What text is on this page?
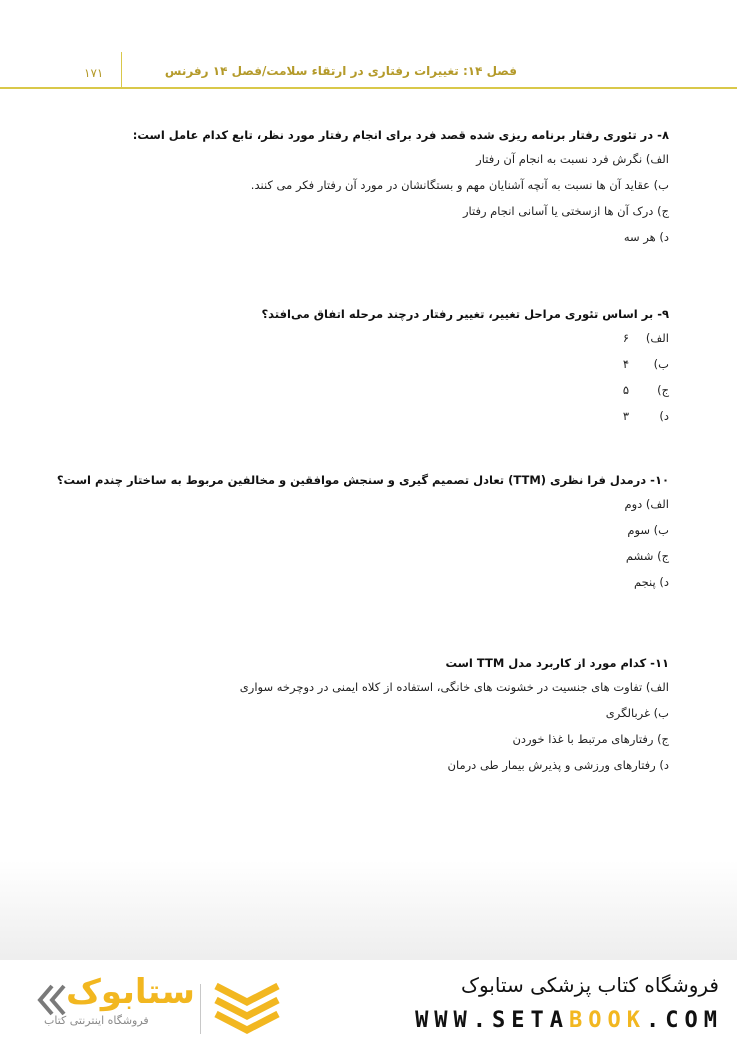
۱۷۱	فصل ۱۴: تغییرات رفتاری در ارتقاء سلامت/فصل ۱۴ رفرنس
۸- در تئوری رفتار برنامه ریزی شده قصد فرد برای انجام رفتار مورد نظر، تابع کدام عامل است:
الف) نگرش فرد نسبت به انجام آن رفتار
ب) عقاید آن ها نسبت به آنچه آشنایان مهم و بستگانشان در مورد آن رفتار فکر می کنند.
ج) درک آن ها ازسختی یا آسانی انجام رفتار
د) هر سه
۹- بر اساس تئوری مراحل تغییر، تغییر رفتار درچند مرحله اتفاق می‌افتد؟
الف)
۶
ب)
۴
ج)
۵
د)
۳
۱۰- درمدل فرا نظری (TTM) تعادل تصمیم گیری و سنجش موافقین و مخالفین مربوط به ساختار چندم است؟
الف) دوم
ب) سوم
ج) ششم
د) پنجم
۱۱- کدام مورد از کاربرد مدل TTM است
الف) تفاوت های جنسیت در خشونت های خانگی، استفاده از کلاه ایمنی در دوچرخه سواری
ب) غربالگری
ج) رفتارهای مرتبط با غذا خوردن
د) رفتارهای ورزشی و پذیرش بیمار طی درمان
فروشگاه کتاب پزشکی ستابوک
WWW.SETABOOK.COM
ستابوک
فروشگاه اینترنتی کتاب
